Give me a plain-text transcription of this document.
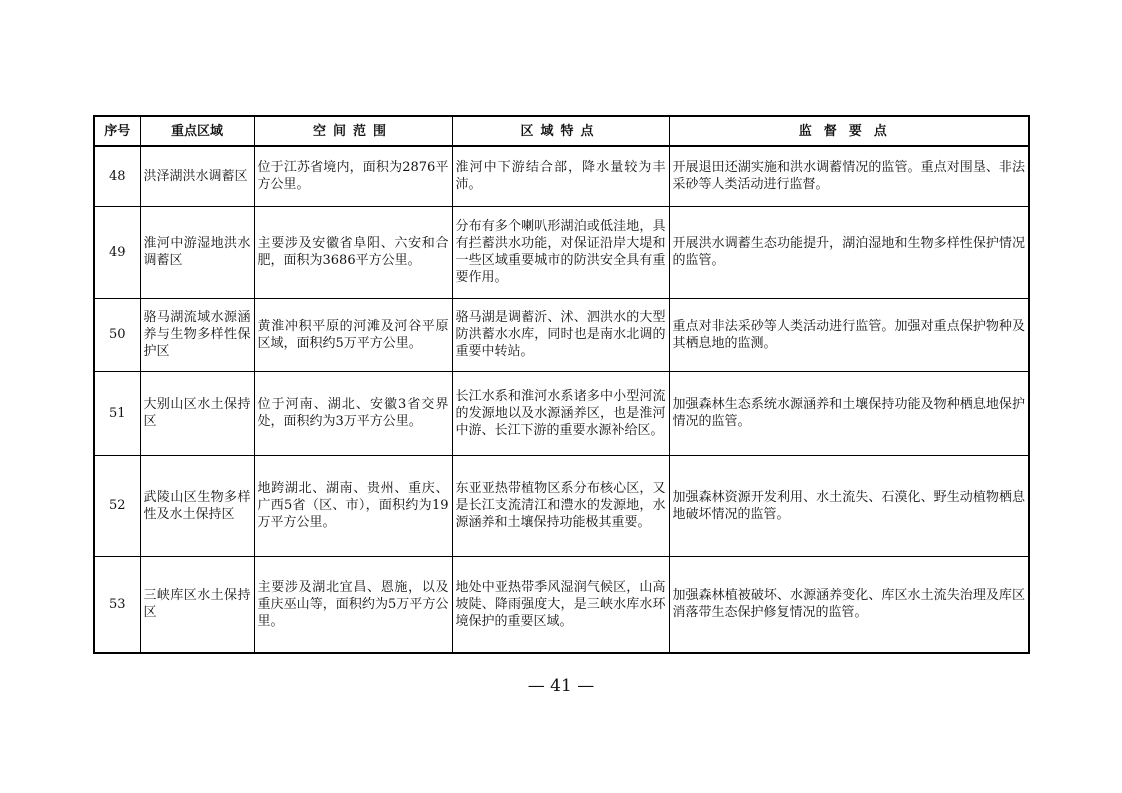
序号	重点区域	空间范围	区域特点	监督要点
48	洪泽湖洪水调蓄区	位于江苏省境内，面积为2876平方公里。	淮河中下游结合部，降水量较为丰沛。	开展退田还湖实施和洪水调蓄情况的监管。重点对围垦、非法采砂等人类活动进行监督。
49	淮河中游湿地洪水调蓄区	主要涉及安徽省阜阳、六安和合肥，面积为3686平方公里。	分布有多个喇叭形湖泊或低洼地，具有拦蓄洪水功能，对保证沿岸大堤和一些区域重要城市的防洪安全具有重要作用。	开展洪水调蓄生态功能提升，湖泊湿地和生物多样性保护情况的监管。
50	骆马湖流域水源涵养与生物多样性保护区	黄淮冲积平原的河滩及河谷平原区域，面积约5万平方公里。	骆马湖是调蓄沂、沭、泗洪水的大型防洪蓄水水库，同时也是南水北调的重要中转站。	重点对非法采砂等人类活动进行监管。加强对重点保护物种及其栖息地的监测。
51	大别山区水土保持区	位于河南、湖北、安徽3省交界处，面积约为3万平方公里。	长江水系和淮河水系诸多中小型河流的发源地以及水源涵养区，也是淮河中游、长江下游的重要水源补给区。	加强森林生态系统水源涵养和土壤保持功能及物种栖息地保护情况的监管。
52	武陵山区生物多样性及水土保持区	地跨湖北、湖南、贵州、重庆、广西5省（区、市），面积约为19万平方公里。	东亚亚热带植物区系分布核心区，又是长江支流清江和澧水的发源地，水源涵养和土壤保持功能极其重要。	加强森林资源开发利用、水土流失、石漠化、野生动植物栖息地破坏情况的监管。
53	三峡库区水土保持区	主要涉及湖北宜昌、恩施，以及重庆巫山等，面积约为5万平方公里。	地处中亚热带季风湿润气候区，山高坡陡、降雨强度大，是三峡水库水环境保护的重要区域。	加强森林植被破坏、水源涵养变化、库区水土流失治理及库区消落带生态保护修复情况的监管。
— 41 —
